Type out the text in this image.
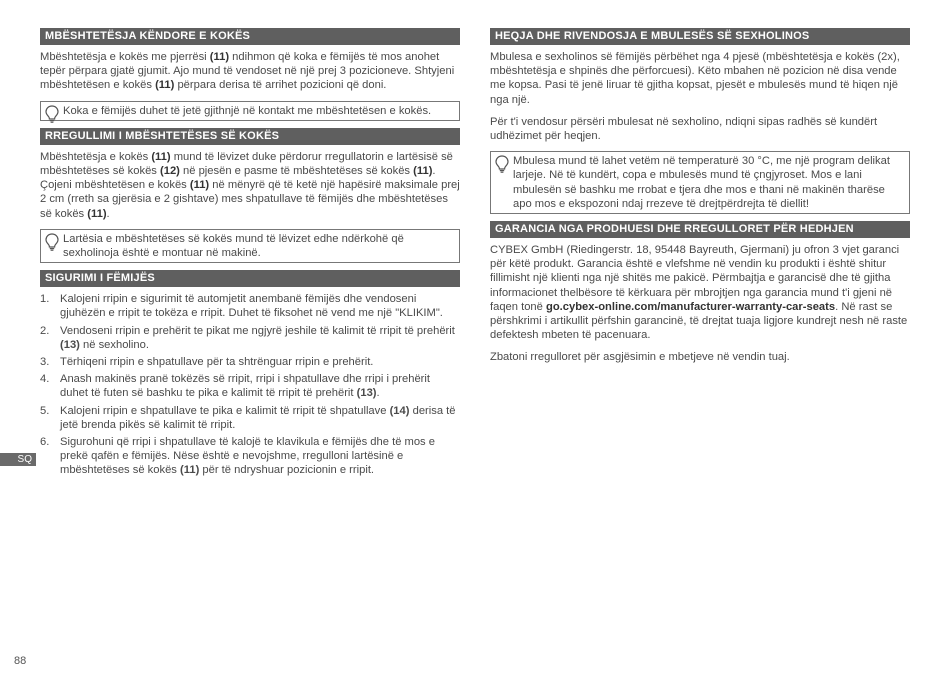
MBËSHTETËSJA KËNDORE E KOKËS

Mbështetësja e kokës me pjerrësi (11) ndihmon që koka e fëmijës të mos anohet tepër përpara gjatë gjumit. Ajo mund të vendoset në një prej 3 pozicioneve. Shtyjeni mbështetësen e kokës (11) përpara derisa të arrihet pozicioni që doni.

Koka e fëmijës duhet të jetë gjithnjë në kontakt me mbështetësen e kokës.
RREGULLIMI I MBËSHTETËSES SË KOKËS

Mbështetësja e kokës (11) mund të lëvizet duke përdorur rregullatorin e lartësisë së mbështetëses së kokës (12) në pjesën e pasme të mbështetëses së kokës (11). Çojeni mbështetësen e kokës (11) në mënyrë që të ketë një hapësirë maksimale prej 2 cm (rreth sa gjerësia e 2 gishtave) mes shpatullave të fëmijës dhe mbështetëses së kokës (11).

Lartësia e mbështetëses së kokës mund të lëvizet edhe ndërkohë që sexholinoja është e montuar në makinë.
SIGURIMI I FËMIJËS
1. Kalojeni rripin e sigurimit të automjetit anembanë fëmijës dhe vendoseni gjuhëzën e rripit te tokëza e rripit. Duhet të fiksohet në vend me një "KLIKIM".
2. Vendoseni rripin e prehërit te pikat me ngjyrë jeshile të kalimit të rripit të prehërit (13) në sexholino.
3. Tërhiqeni rripin e shpatullave për ta shtrënguar rripin e prehërit.
4. Anash makinës pranë tokëzës së rripit, rripi i shpatullave dhe rripi i prehërit duhet të futen së bashku te pika e kalimit të rripit të prehërit (13).
5. Kalojeni rripin e shpatullave te pika e kalimit të rripit të shpatullave (14) derisa të jetë brenda pikës së kalimit të rripit.
6. Sigurohuni që rripi i shpatullave të kalojë te klavikula e fëmijës dhe të mos e prekë qafën e fëmijës. Nëse është e nevojshme, rregulloni lartësinë e mbështetëses së kokës (11) për të ndryshuar pozicionin e rripit.
HEQJA DHE RIVENDOSJA E MBULESËS SË SEXHOLINOS

Mbulesa e sexholinos së fëmijës përbëhet nga 4 pjesë (mbështetësja e kokës (2x), mbështetësja e shpinës dhe përforcuesi). Këto mbahen në pozicion në disa vende me kopsa. Pasi të jenë liruar të gjitha kopsat, pjesët e mbulesës mund të hiqen një nga një.

Për t'i vendosur përsëri mbulesat në sexholino, ndiqni sipas radhës së kundërt udhëzimet për heqjen.

Mbulesa mund të lahet vetëm në temperaturë 30 °C, me një program delikat larjeje. Në të kundërt, copa e mbulesës mund të çngjyroset. Mos e lani mbulesën së bashku me rrobat e tjera dhe mos e thani në makinën tharëse apo mos e ekspozoni ndaj rrezeve të drejtpërdrejta të diellit!
GARANCIA NGA PRODHUESI DHE RREGULLORET PËR HEDHJEN

CYBEX GmbH (Riedingerstr. 18, 95448 Bayreuth, Gjermani) ju ofron 3 vjet garanci për këtë produkt. Garancia është e vlefshme në vendin ku produkti i është shitur fillimisht një klienti nga një shitës me pakicë. Përmbajtja e garancisë dhe të gjitha informacionet thelbësore të kërkuara për mbrojtjen nga garancia mund t'i gjeni në faqen tonë go.cybex-online.com/manufacturer-warranty-car-seats. Në rast se përshkrimi i artikullit përfshin garancinë, të drejtat tuaja ligjore kundrejt nesh në raste defektesh mbeten të pacenuara.

Zbatoni rregulloret për asgjësimin e mbetjeve në vendin tuaj.

SQ
88
